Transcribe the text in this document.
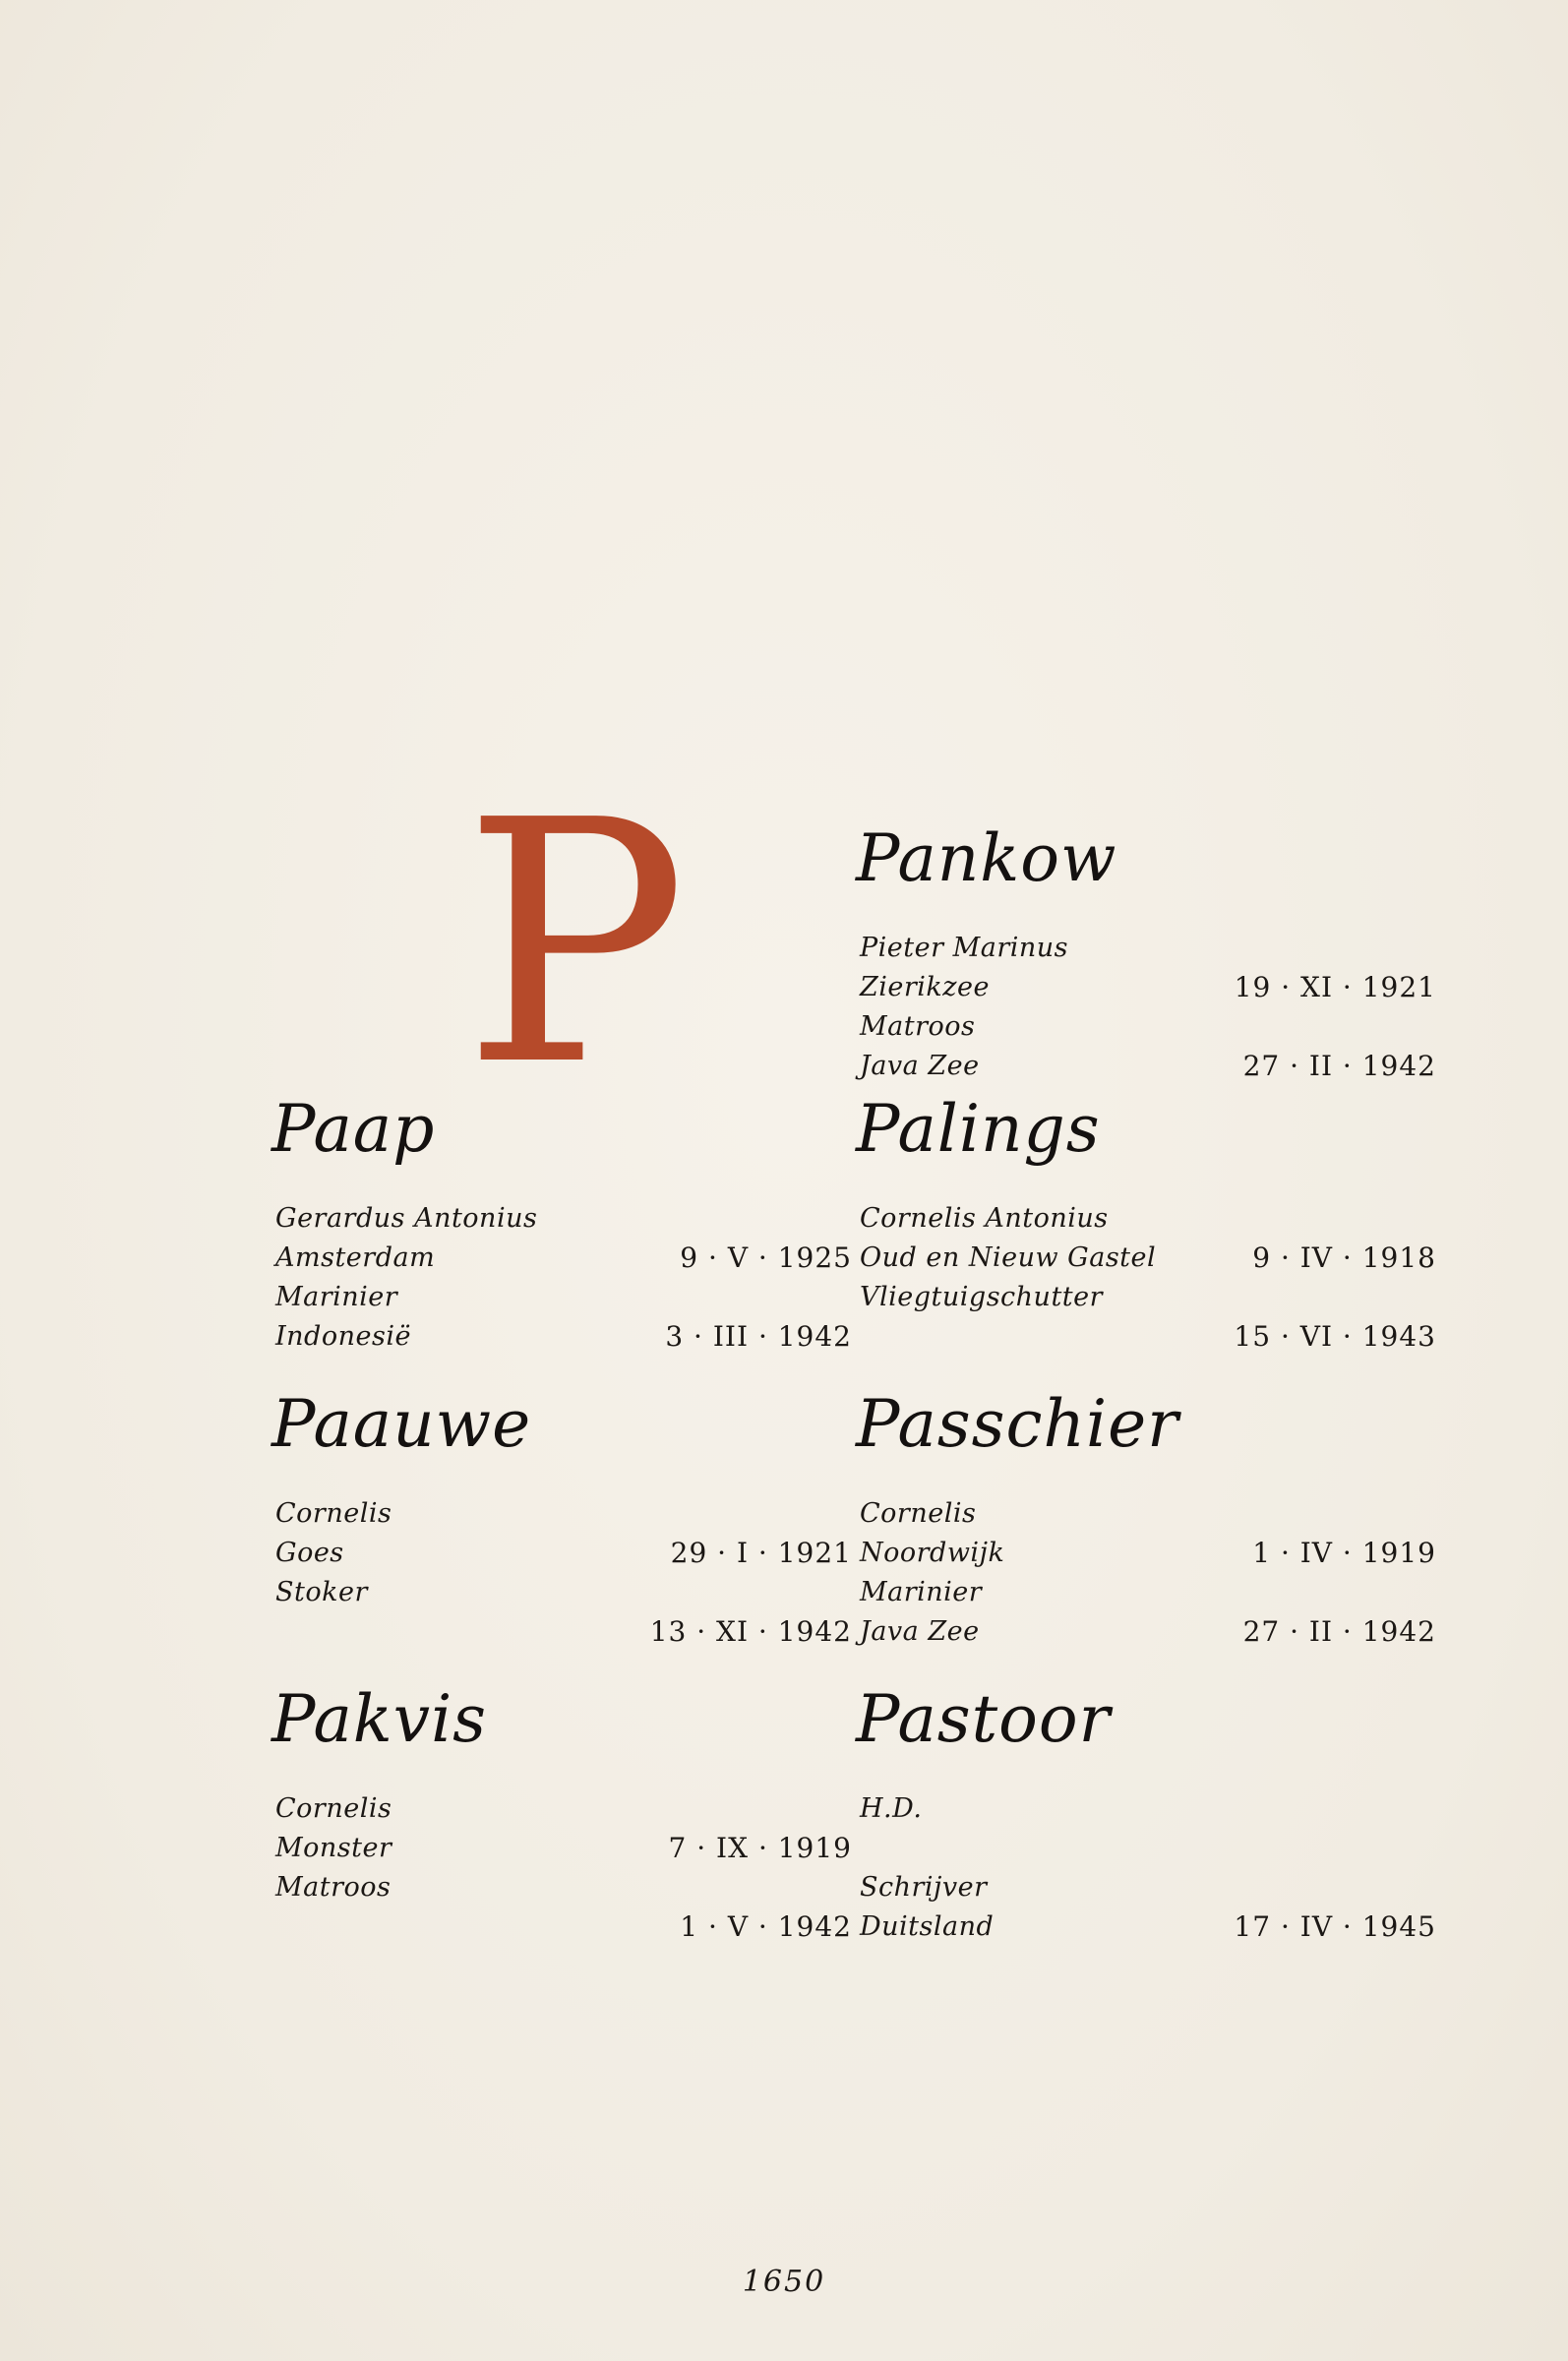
P	Pankow
Pieter Marinus
Zierikzee	19 · XI · 1921
Matroos
Java Zee	27 · II · 1942
Paap
Gerardus Antonius
Amsterdam	9 · V · 1925
Marinier
Indonesië	3 · III · 1942
Palings
Cornelis Antonius
Oud en Nieuw Gastel	9 · IV · 1918
Vliegtuigschutter
15 · VI · 1943
Paauwe
Cornelis
Goes	29 · I · 1921
Stoker
13 · XI · 1942
Passchier
Cornelis
Noordwijk	1 · IV · 1919
Marinier
Java Zee	27 · II · 1942
Pakvis
Cornelis
Monster	7 · IX · 1919
Matroos
1 · V · 1942
Pastoor
H.D.
Schrijver
Duitsland	17 · IV · 1945
1650
